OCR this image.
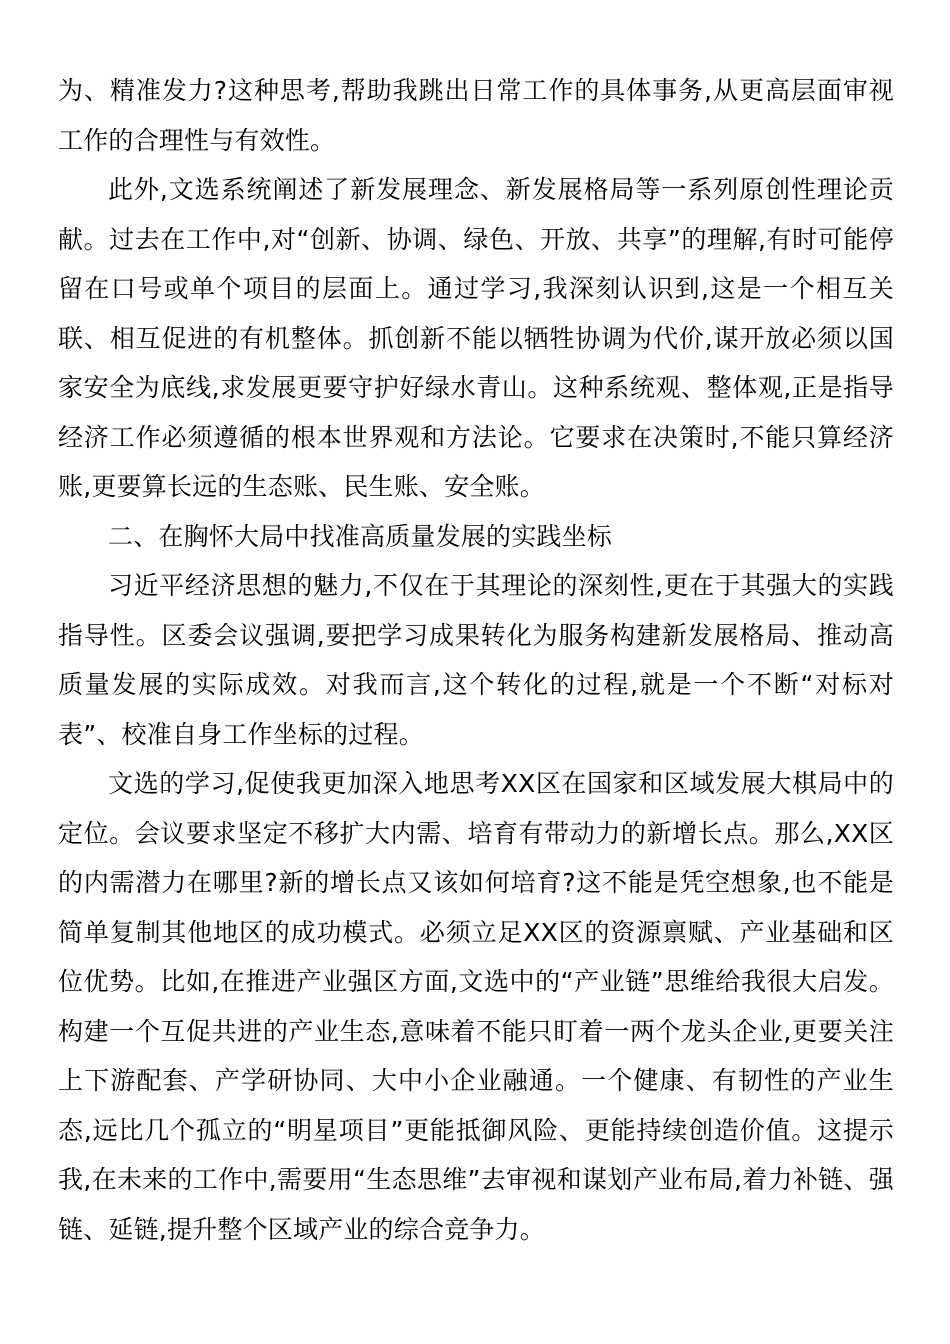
为、精准发力?这种思考,帮助我跳出日常工作的具体事务,从更高层面审视工作的合理性与有效性。

此外,文选系统阐述了新发展理念、新发展格局等一系列原创性理论贡献。过去在工作中,对“创新、协调、绿色、开放、共享”的理解,有时可能停留在口号或单个项目的层面上。通过学习,我深刻认识到,这是一个相互关联、相互促进的有机整体。抓创新不能以牺牲协调为代价,谋开放必须以国家安全为底线,求发展更要守护好绿水青山。这种系统观、整体观,正是指导经济工作必须遵循的根本世界观和方法论。它要求在决策时,不能只算经济账,更要算长远的生态账、民生账、安全账。

二、在胸怀大局中找准高质量发展的实践坐标

习近平经济思想的魅力,不仅在于其理论的深刻性,更在于其强大的实践指导性。区委会议强调,要把学习成果转化为服务构建新发展格局、推动高质量发展的实际成效。对我而言,这个转化的过程,就是一个不断“对标对表”、校准自身工作坐标的过程。

文选的学习,促使我更加深入地思考XX区在国家和区域发展大棋局中的定位。会议要求坚定不移扩大内需、培育有带动力的新增长点。那么,XX区的内需潜力在哪里?新的增长点又该如何培育?这不能是凭空想象,也不能是简单复制其他地区的成功模式。必须立足XX区的资源禀赋、产业基础和区位优势。比如,在推进产业强区方面,文选中的“产业链”思维给我很大启发。构建一个互促共进的产业生态,意味着不能只盯着一两个龙头企业,更要关注上下游配套、产学研协同、大中小企业融通。一个健康、有韧性的产业生态,远比几个孤立的“明星项目”更能抵御风险、更能持续创造价值。这提示我,在未来的工作中,需要用“生态思维”去审视和谋划产业布局,着力补链、强链、延链,提升整个区域产业的综合竞争力。
